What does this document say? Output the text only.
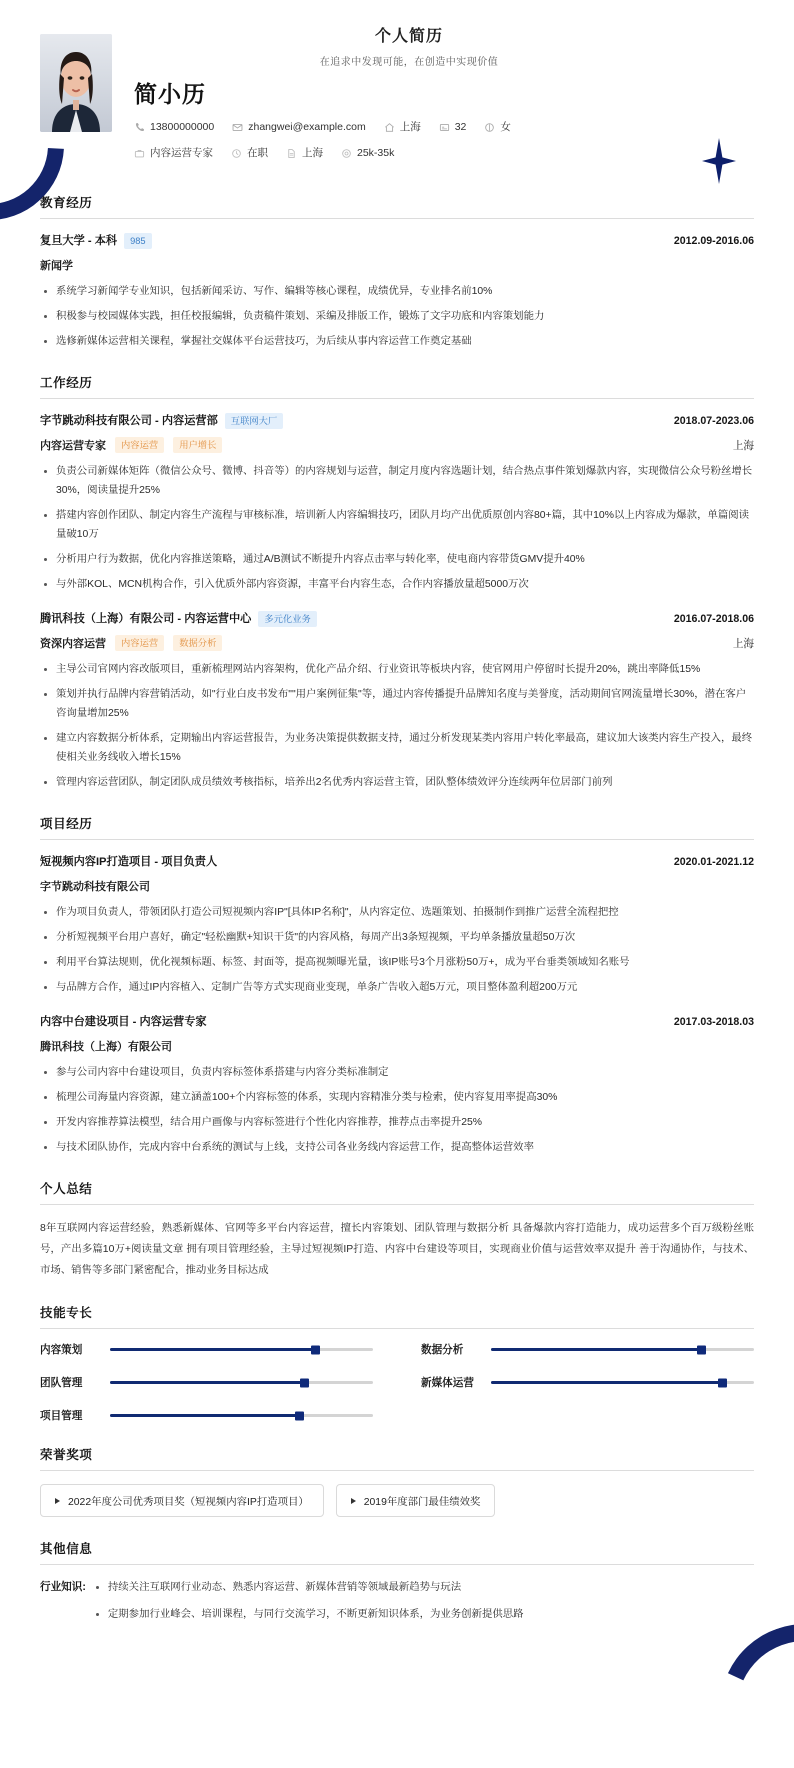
个人简历
在追求中发现可能，在创造中实现价值
简小历
13800000000	zhangwei@example.com	上海	32	女
内容运营专家	在职	上海	25k-35k
教育经历
复旦大学 - 本科	985	2012.09-2016.06
新闻学
系统学习新闻学专业知识，包括新闻采访、写作、编辑等核心课程，成绩优异，专业排名前10%
积极参与校园媒体实践，担任校报编辑，负责稿件策划、采编及排版工作，锻炼了文字功底和内容策划能力
选修新媒体运营相关课程，掌握社交媒体平台运营技巧，为后续从事内容运营工作奠定基础
工作经历
字节跳动科技有限公司 - 内容运营部	互联网大厂	2018.07-2023.06
内容运营专家	内容运营	用户增长	上海
负责公司新媒体矩阵（微信公众号、微博、抖音等）的内容规划与运营，制定月度内容选题计划，结合热点事件策划爆款内容，实现微信公众号粉丝增长30%，阅读量提升25%
搭建内容创作团队、制定内容生产流程与审核标准，培训新人内容编辑技巧，团队月均产出优质原创内容80+篇，其中10%以上内容成为爆款，单篇阅读量破10万
分析用户行为数据，优化内容推送策略，通过A/B测试不断提升内容点击率与转化率，使电商内容带货GMV提升40%
与外部KOL、MCN机构合作，引入优质外部内容资源，丰富平台内容生态，合作内容播放量超5000万次
腾讯科技（上海）有限公司 - 内容运营中心	多元化业务	2016.07-2018.06
资深内容运营	内容运营	数据分析	上海
主导公司官网内容改版项目，重新梳理网站内容架构，优化产品介绍、行业资讯等板块内容，使官网用户停留时长提升20%，跳出率降低15%
策划并执行品牌内容营销活动，如"行业白皮书发布""用户案例征集"等，通过内容传播提升品牌知名度与美誉度，活动期间官网流量增长30%，潜在客户咨询量增加25%
建立内容数据分析体系，定期输出内容运营报告，为业务决策提供数据支持，通过分析发现某类内容用户转化率最高，建议加大该类内容生产投入，最终使相关业务线收入增长15%
管理内容运营团队，制定团队成员绩效考核指标，培养出2名优秀内容运营主管，团队整体绩效评分连续两年位居部门前列
项目经历
短视频内容IP打造项目 - 项目负责人	2020.01-2021.12
字节跳动科技有限公司
作为项目负责人，带领团队打造公司短视频内容IP"[具体IP名称]"，从内容定位、选题策划、拍摄制作到推广运营全流程把控
分析短视频平台用户喜好，确定"轻松幽默+知识干货"的内容风格，每周产出3条短视频，平均单条播放量超50万次
利用平台算法规则，优化视频标题、标签、封面等，提高视频曝光量，该IP账号3个月涨粉50万+，成为平台垂类领域知名账号
与品牌方合作，通过IP内容植入、定制广告等方式实现商业变现，单条广告收入超5万元，项目整体盈利超200万元
内容中台建设项目 - 内容运营专家	2017.03-2018.03
腾讯科技（上海）有限公司
参与公司内容中台建设项目，负责内容标签体系搭建与内容分类标准制定
梳理公司海量内容资源，建立涵盖100+个内容标签的体系，实现内容精准分类与检索，使内容复用率提高30%
开发内容推荐算法模型，结合用户画像与内容标签进行个性化内容推荐，推荐点击率提升25%
与技术团队协作，完成内容中台系统的测试与上线，支持公司各业务线内容运营工作，提高整体运营效率
个人总结
8年互联网内容运营经验，熟悉新媒体、官网等多平台内容运营，擅长内容策划、团队管理与数据分析 具备爆款内容打造能力，成功运营多个百万级粉丝账号，产出多篇10万+阅读量文章 拥有项目管理经验，主导过短视频IP打造、内容中台建设等项目，实现商业价值与运营效率双提升 善于沟通协作，与技术、市场、销售等多部门紧密配合，推动业务目标达成
技能专长
内容策划	数据分析
团队管理	新媒体运营
项目管理
荣誉奖项
2022年度公司优秀项目奖（短视频内容IP打造项目）	2019年度部门最佳绩效奖
其他信息
行业知识:	持续关注互联网行业动态、熟悉内容运营、新媒体营销等领域最新趋势与玩法
定期参加行业峰会、培训课程，与同行交流学习，不断更新知识体系，为业务创新提供思路
